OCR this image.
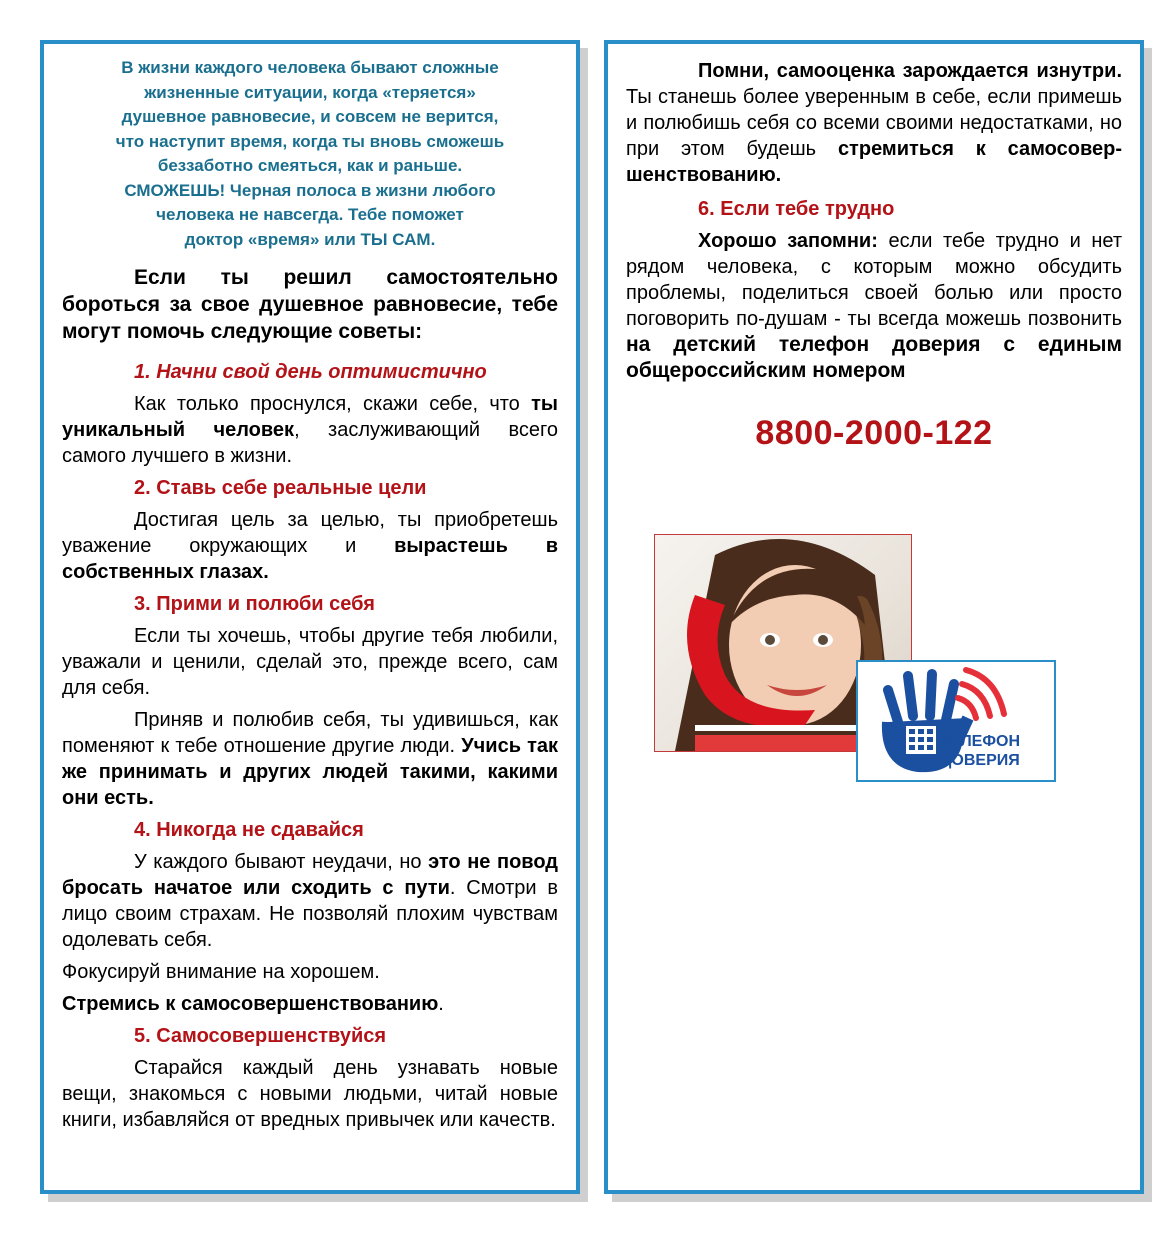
В жизни каждого человека бывают сложные
жизненные ситуации, когда «теряется»
душевное равновесие, и совсем не верится,
что наступит время, когда ты вновь сможешь
беззаботно смеяться, как и раньше.
СМОЖЕШЬ! Черная полоса в жизни любого
человека не навсегда. Тебе поможет
доктор «время» или ТЫ САМ.

Если ты решил самостоятельно бороться за свое душевное равновесие, тебе могут помочь следующие советы:

1. Начни свой день оптимистично

Как только проснулся, скажи себе, что ты уникальный человек, заслуживающий всего самого лучшего в жизни.

2. Ставь себе реальные цели

Достигая цель за целью, ты приобретешь уважение окружающих и вырастешь в собственных глазах.

3. Прими и полюби себя

Если ты хочешь, чтобы другие тебя любили, уважали и ценили, сделай это, прежде всего, сам для себя.

Приняв и полюбив себя, ты удивишься, как поменяют к тебе отношение другие люди. Учись так же принимать и других людей такими, какими они есть.

4. Никогда не сдавайся

У каждого бывают неудачи, но это не повод бросать начатое или сходить с пути. Смотри в лицо своим страхам. Не позволяй плохим чувствам одолевать себя.

Фокусируй внимание на хорошем.

Стремись к самосовершенствованию.

5. Самосовершенствуйся

Старайся каждый день узнавать новые вещи, знакомься с новыми людьми, читай новые книги, избавляйся от вредных привычек или качеств.

Помни, самооценка зарождается изнутри. Ты станешь более уверенным в себе, если примешь и полюбишь себя со всеми своими недостатками, но при этом будешь стремиться к самосовер-шенствованию.

6. Если тебе трудно

Хорошо запомни: если тебе трудно и нет рядом человека, с которым можно обсудить проблемы, поделиться своей болью или просто поговорить по-душам - ты всегда можешь позвонить на детский телефон доверия с единым общероссийским номером

8800-2000-122
ТЕЛЕФОН
ДОВЕРИЯ
